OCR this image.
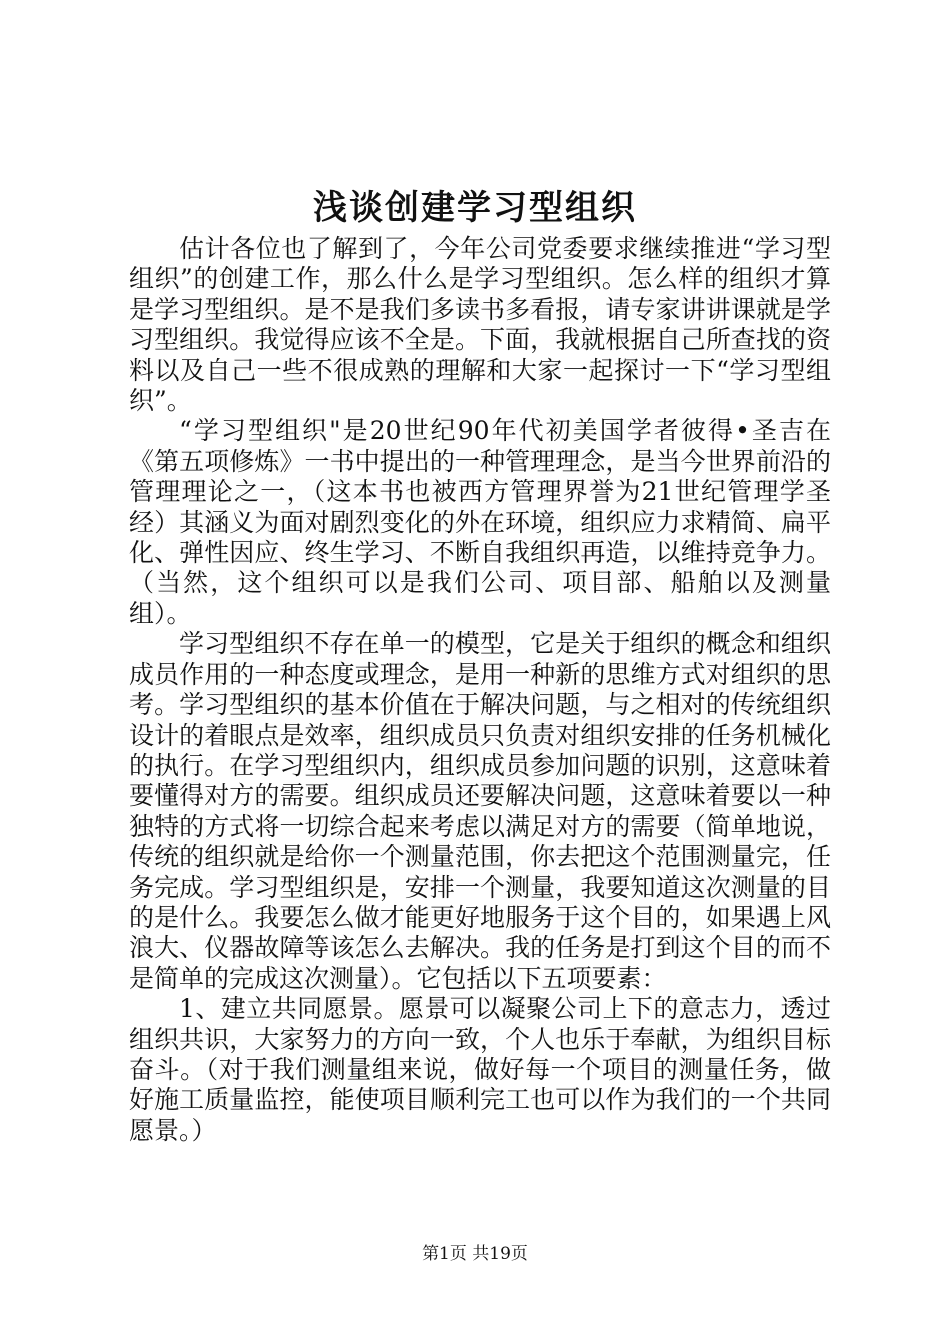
浅谈创建学习型组织

估计各位也了解到了，今年公司党委要求继续推进“学习型组织”的创建工作，那么什么是学习型组织。怎么样的组织才算是学习型组织。是不是我们多读书多看报，请专家讲讲课就是学习型组织。我觉得应该不全是。下面，我就根据自己所查找的资料以及自己一些不很成熟的理解和大家一起探讨一下“学习型组织”。

“学习型组织"是20世纪90年代初美国学者彼得•圣吉在《第五项修炼》一书中提出的一种管理理念，是当今世界前沿的管理理论之一，（这本书也被西方管理界誉为21世纪管理学圣经）其涵义为面对剧烈变化的外在环境，组织应力求精简、扁平化、弹性因应、终生学习、不断自我组织再造，以维持竞争力。（当然，这个组织可以是我们公司、项目部、船舶以及测量组）。

学习型组织不存在单一的模型，它是关于组织的概念和组织成员作用的一种态度或理念，是用一种新的思维方式对组织的思考。学习型组织的基本价值在于解决问题，与之相对的传统组织设计的着眼点是效率，组织成员只负责对组织安排的任务机械化的执行。在学习型组织内，组织成员参加问题的识别，这意味着要懂得对方的需要。组织成员还要解决问题，这意味着要以一种独特的方式将一切综合起来考虑以满足对方的需要（简单地说，传统的组织就是给你一个测量范围，你去把这个范围测量完，任务完成。学习型组织是，安排一个测量，我要知道这次测量的目的是什么。我要怎么做才能更好地服务于这个目的，如果遇上风浪大、仪器故障等该怎么去解决。我的任务是打到这个目的而不是简单的完成这次测量）。它包括以下五项要素：

1、建立共同愿景。愿景可以凝聚公司上下的意志力，透过组织共识，大家努力的方向一致，个人也乐于奉献，为组织目标奋斗。（对于我们测量组来说，做好每一个项目的测量任务，做好施工质量监控，能使项目顺利完工也可以作为我们的一个共同愿景。）

第1页 共19页
